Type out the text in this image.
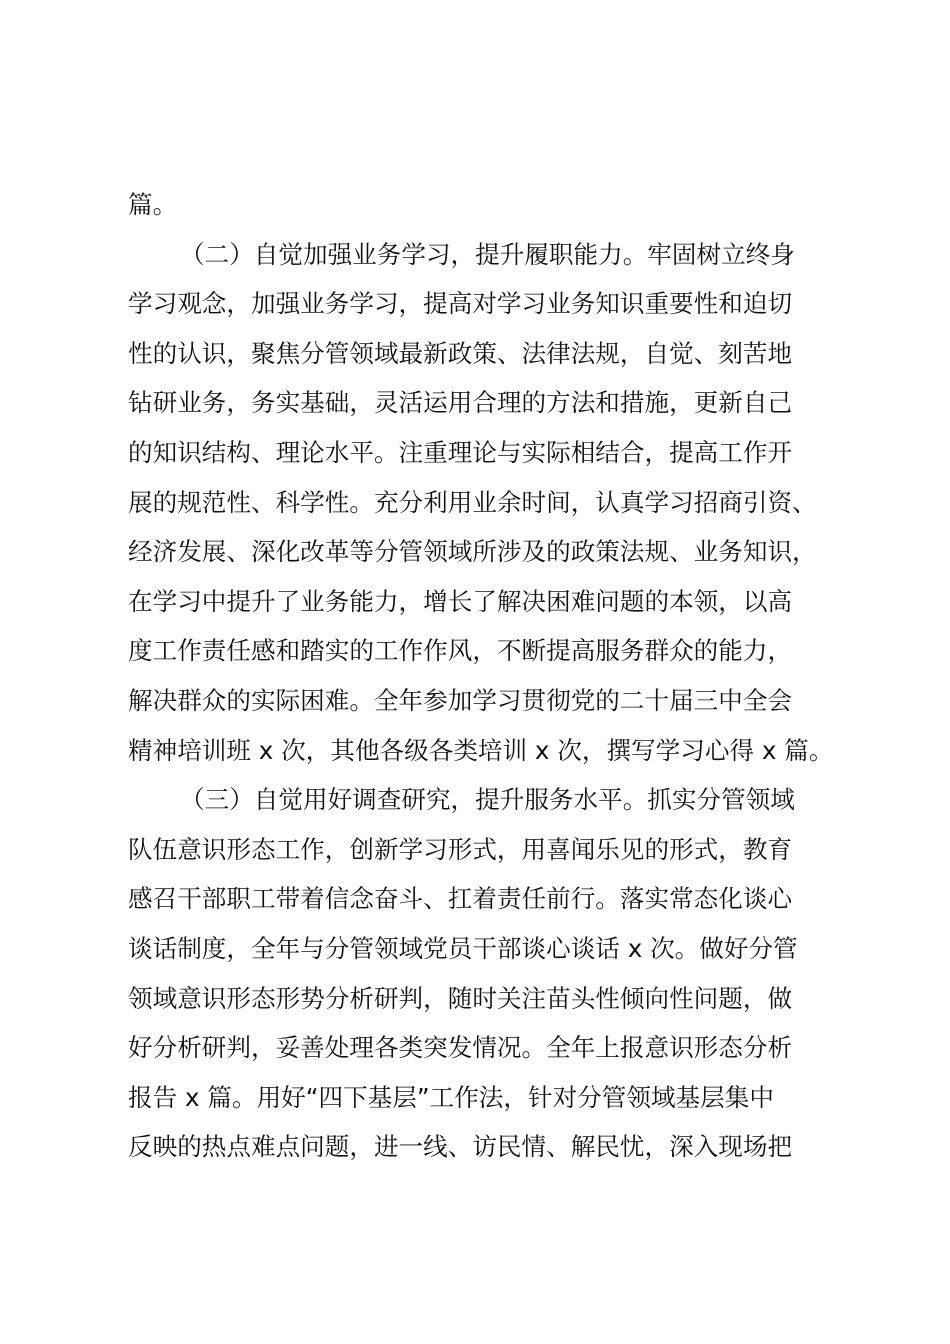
篇。
（二）自觉加强业务学习，提升履职能力。牢固树立终身
学习观念，加强业务学习，提高对学习业务知识重要性和迫切
性的认识，聚焦分管领域最新政策、法律法规，自觉、刻苦地
钻研业务，务实基础，灵活运用合理的方法和措施，更新自己
的知识结构、理论水平。注重理论与实际相结合，提高工作开
展的规范性、科学性。充分利用业余时间，认真学习招商引资、
经济发展、深化改革等分管领域所涉及的政策法规、业务知识，
在学习中提升了业务能力，增长了解决困难问题的本领，以高
度工作责任感和踏实的工作作风，不断提高服务群众的能力，
解决群众的实际困难。全年参加学习贯彻党的二十届三中全会
精神培训班 x 次，其他各级各类培训 x 次，撰写学习心得 x 篇。
（三）自觉用好调查研究，提升服务水平。抓实分管领域
队伍意识形态工作，创新学习形式，用喜闻乐见的形式，教育
感召干部职工带着信念奋斗、扛着责任前行。落实常态化谈心
谈话制度，全年与分管领域党员干部谈心谈话 x 次。做好分管
领域意识形态形势分析研判，随时关注苗头性倾向性问题，做
好分析研判，妥善处理各类突发情况。全年上报意识形态分析
报告 x 篇。用好“四下基层”工作法，针对分管领域基层集中
反映的热点难点问题，进一线、访民情、解民忧，深入现场把
